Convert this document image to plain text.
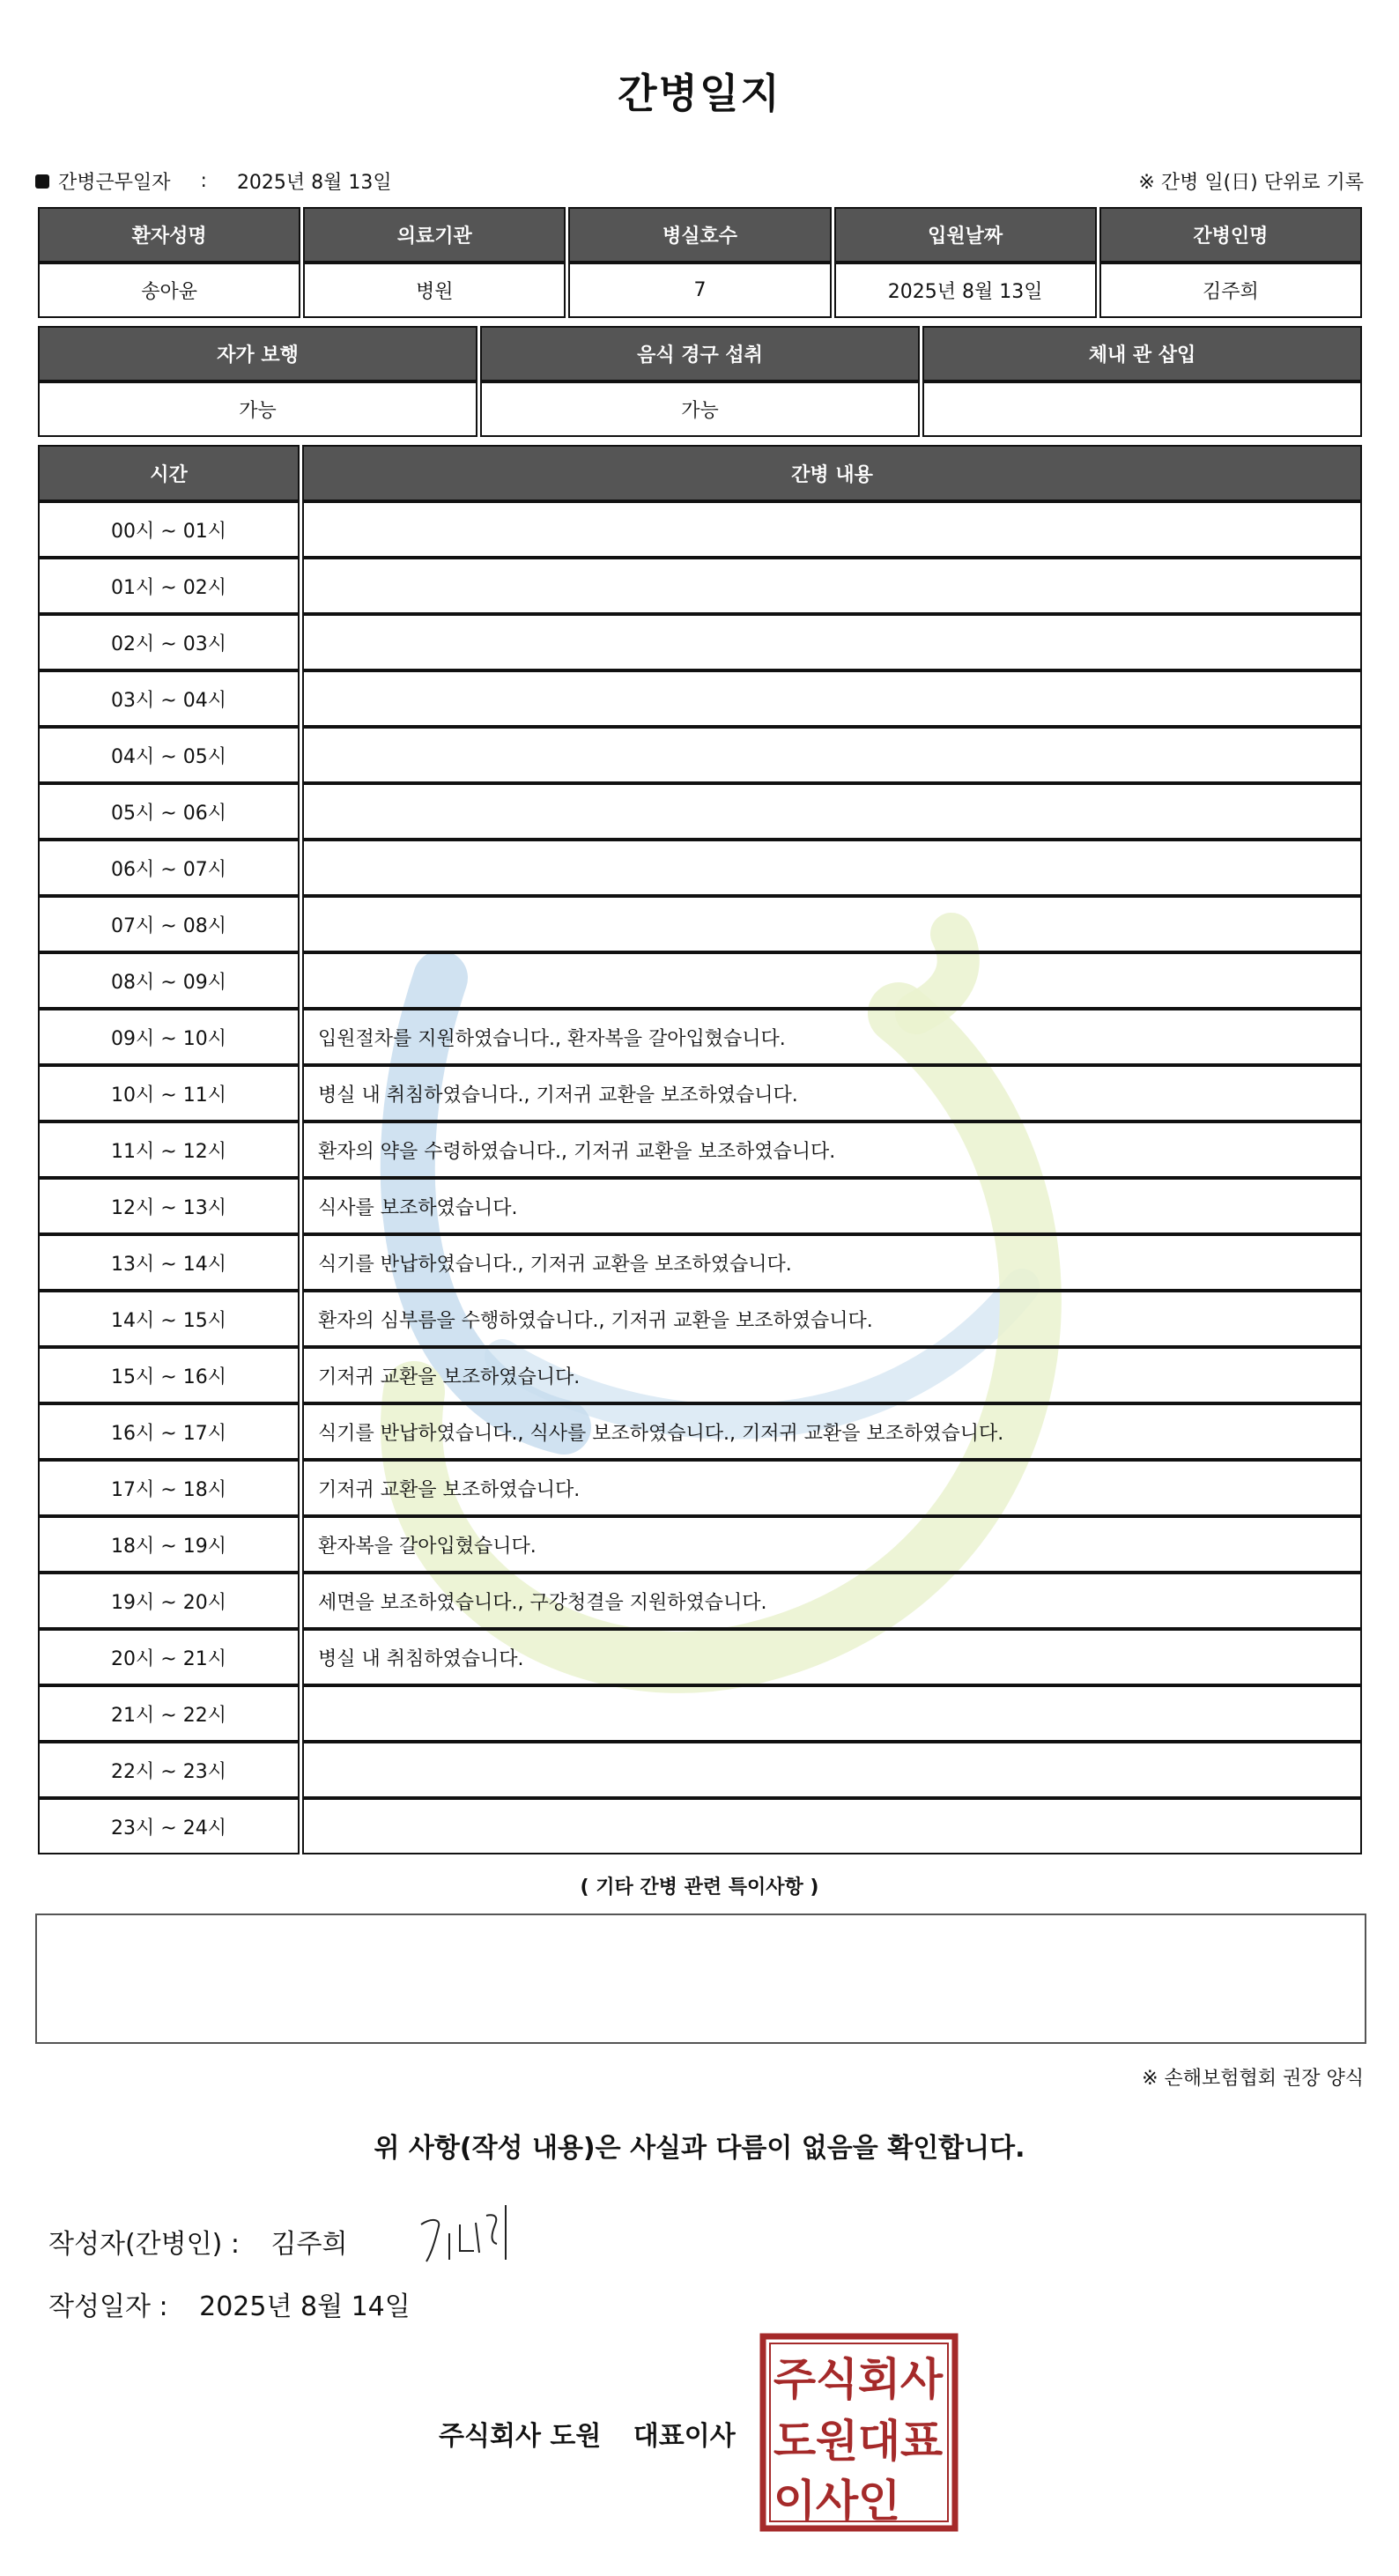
간병일지
간병근무일자 : 2025년 8월 13일	※ 간병 일(日) 단위로 기록
환자성명	의료기관	병실호수	입원날짜	간병인명
송아윤	병원	7	2025년 8월 13일	김주희
자가 보행	음식 경구 섭취	체내 관 삽입
가능	가능	
시간	간병 내용
00시 ~ 01시	
01시 ~ 02시	
02시 ~ 03시	
03시 ~ 04시	
04시 ~ 05시	
05시 ~ 06시	
06시 ~ 07시	
07시 ~ 08시	
08시 ~ 09시	
09시 ~ 10시	입원절차를 지원하였습니다., 환자복을 갈아입혔습니다.
10시 ~ 11시	병실 내 취침하였습니다., 기저귀 교환을 보조하였습니다.
11시 ~ 12시	환자의 약을 수령하였습니다., 기저귀 교환을 보조하였습니다.
12시 ~ 13시	식사를 보조하였습니다.
13시 ~ 14시	식기를 반납하였습니다., 기저귀 교환을 보조하였습니다.
14시 ~ 15시	환자의 심부름을 수행하였습니다., 기저귀 교환을 보조하였습니다.
15시 ~ 16시	기저귀 교환을 보조하였습니다.
16시 ~ 17시	식기를 반납하였습니다., 식사를 보조하였습니다., 기저귀 교환을 보조하였습니다.
17시 ~ 18시	기저귀 교환을 보조하였습니다.
18시 ~ 19시	환자복을 갈아입혔습니다.
19시 ~ 20시	세면을 보조하였습니다., 구강청결을 지원하였습니다.
20시 ~ 21시	병실 내 취침하였습니다.
21시 ~ 22시	
22시 ~ 23시	
23시 ~ 24시	
( 기타 간병 관련 특이사항 )
※ 손해보험협회 권장 양식
위 사항(작성 내용)은 사실과 다름이 없음을 확인합니다.
작성자(간병인) : 김주희
작성일자 : 2025년 8월 14일
주식회사 도원 대표이사
주 식 회 사
도 원 대 표
이 사 인
